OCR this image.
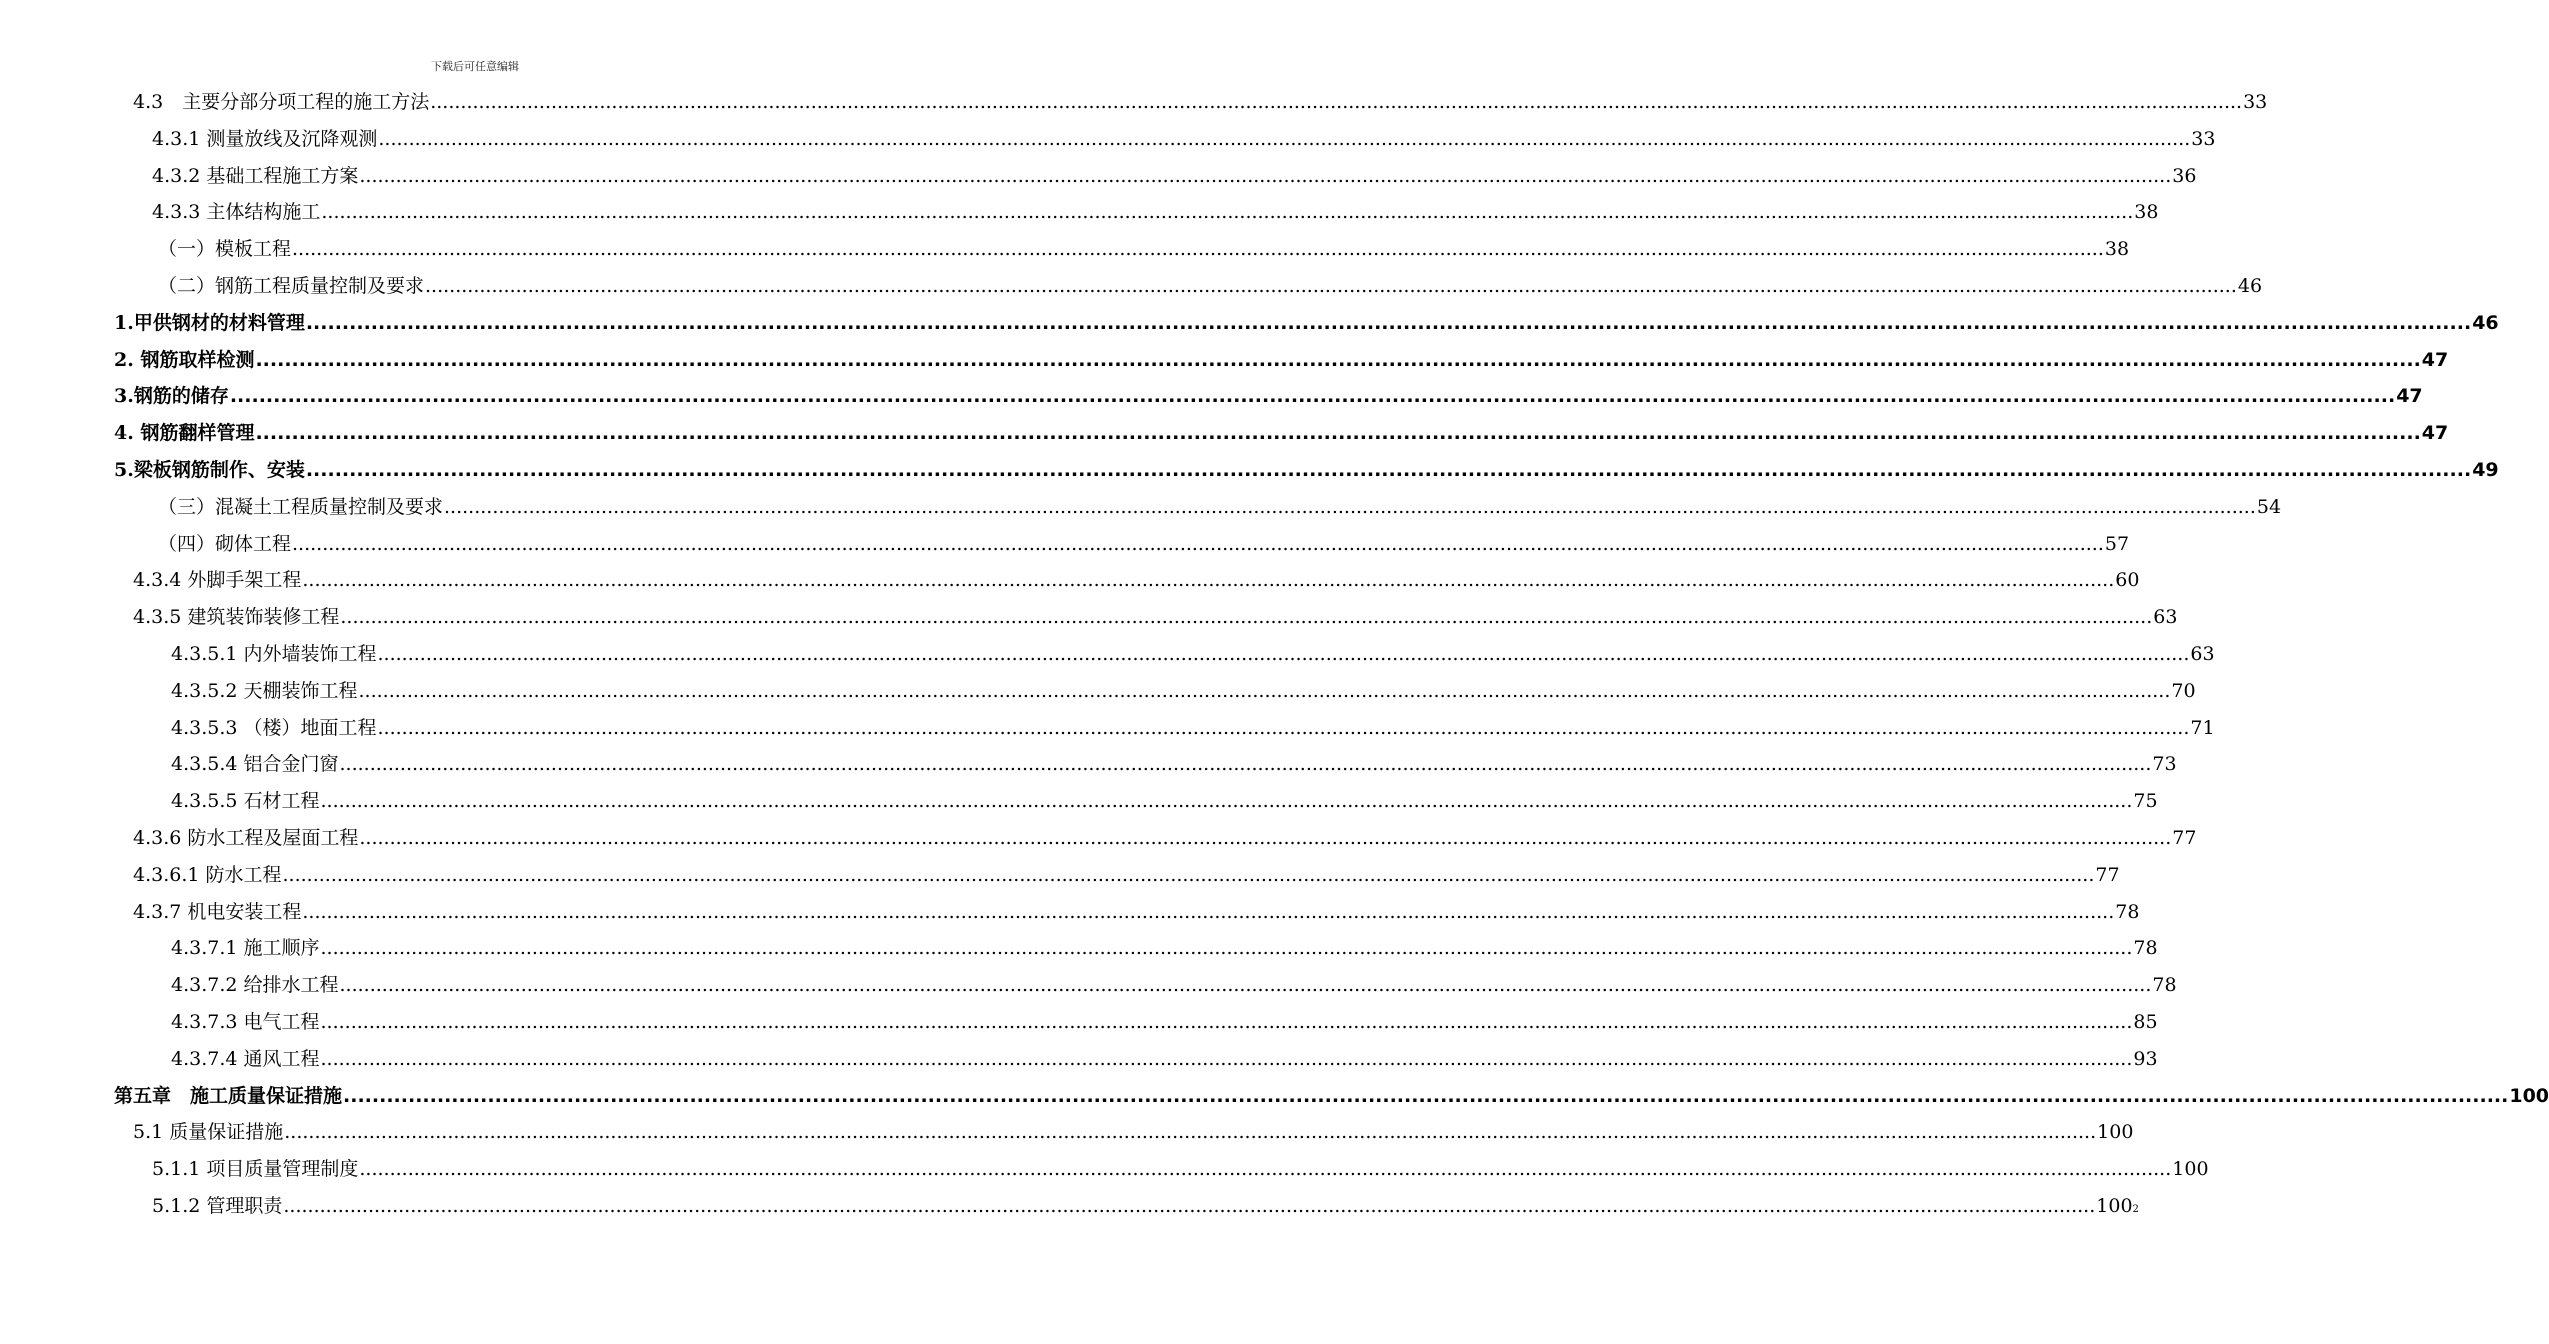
下载后可任意编辑
4.3　主要分部分项工程的施工方法 ............................................................................................................................................................................................................................................................................................................ 33
4.3.1 测量放线及沉降观测 ............................................................................................................................................................................................................................................................................................................ 33
4.3.2 基础工程施工方案 ............................................................................................................................................................................................................................................................................................................ 36
4.3.3 主体结构施工 ............................................................................................................................................................................................................................................................................................................ 38
（一）模板工程 ............................................................................................................................................................................................................................................................................................................ 38
（二）钢筋工程质量控制及要求 ............................................................................................................................................................................................................................................................................................................ 46
1.甲供钢材的材料管理 ............................................................................................................................................................................................................................................................................................................ 46
2. 钢筋取样检测 ............................................................................................................................................................................................................................................................................................................ 47
3.钢筋的储存 ............................................................................................................................................................................................................................................................................................................ 47
4. 钢筋翻样管理 ............................................................................................................................................................................................................................................................................................................ 47
5.梁板钢筋制作、安装 ............................................................................................................................................................................................................................................................................................................ 49
（三）混凝土工程质量控制及要求 ............................................................................................................................................................................................................................................................................................................ 54
（四）砌体工程 ............................................................................................................................................................................................................................................................................................................ 57
4.3.4 外脚手架工程 ............................................................................................................................................................................................................................................................................................................ 60
4.3.5 建筑装饰装修工程 ............................................................................................................................................................................................................................................................................................................ 63
4.3.5.1 内外墙装饰工程 ............................................................................................................................................................................................................................................................................................................ 63
4.3.5.2 天棚装饰工程 ............................................................................................................................................................................................................................................................................................................ 70
4.3.5.3 （楼）地面工程 ............................................................................................................................................................................................................................................................................................................ 71
4.3.5.4 铝合金门窗 ............................................................................................................................................................................................................................................................................................................ 73
4.3.5.5 石材工程 ............................................................................................................................................................................................................................................................................................................ 75
4.3.6 防水工程及屋面工程 ............................................................................................................................................................................................................................................................................................................ 77
4.3.6.1 防水工程 ............................................................................................................................................................................................................................................................................................................ 77
4.3.7 机电安装工程 ............................................................................................................................................................................................................................................................................................................ 78
4.3.7.1 施工顺序 ............................................................................................................................................................................................................................................................................................................ 78
4.3.7.2 给排水工程 ............................................................................................................................................................................................................................................................................................................ 78
4.3.7.3 电气工程 ............................................................................................................................................................................................................................................................................................................ 85
4.3.7.4 通风工程 ............................................................................................................................................................................................................................................................................................................ 93
第五章　施工质量保证措施 ............................................................................................................................................................................................................................................................................................................ 100
5.1 质量保证措施 ............................................................................................................................................................................................................................................................................................................ 100
5.1.1 项目质量管理制度 ............................................................................................................................................................................................................................................................................................................ 100
5.1.2 管理职责 ............................................................................................................................................................................................................................................................................................................ 100 2
